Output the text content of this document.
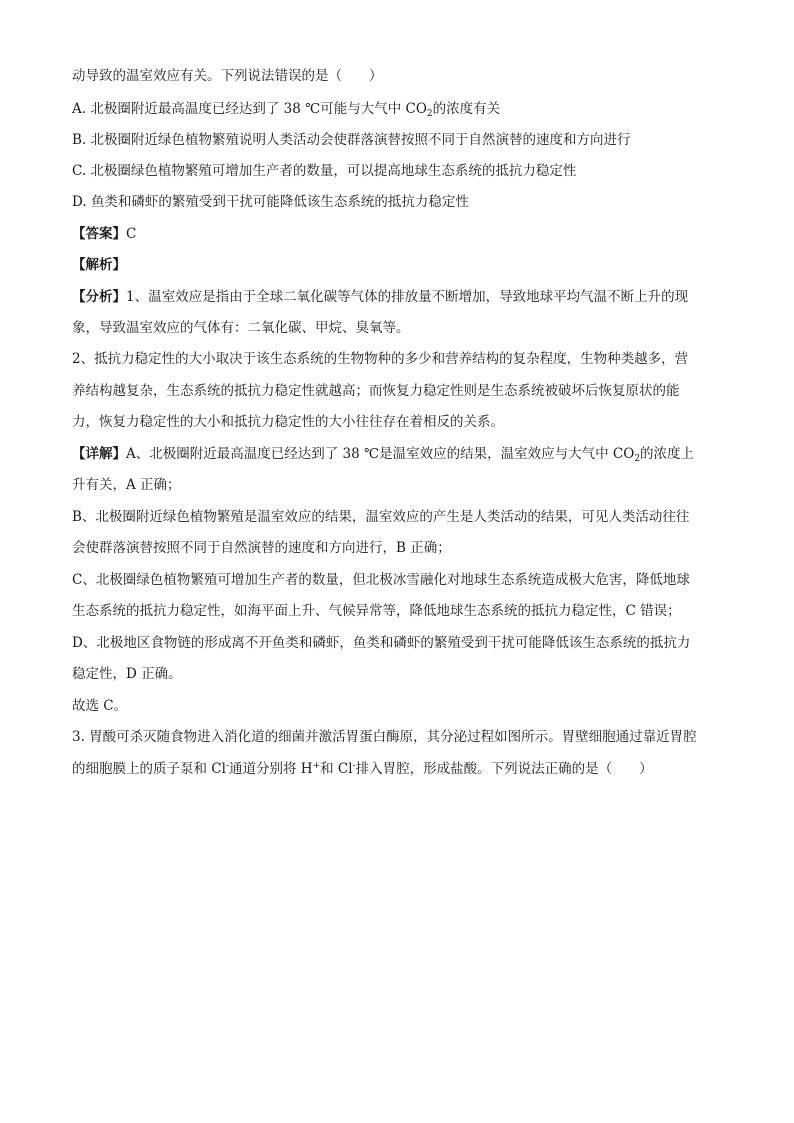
动导致的温室效应有关。下列说法错误的是（　　）
A. 北极圈附近最高温度已经达到了 38 ℃可能与大气中 $CO_2$的浓度有关
B. 北极圈附近绿色植物繁殖说明人类活动会使群落演替按照不同于自然演替的速度和方向进行
C. 北极圈绿色植物繁殖可增加生产者的数量，可以提高地球生态系统的抵抗力稳定性
D. 鱼类和磷虾的繁殖受到干扰可能降低该生态系统的抵抗力稳定性
【答案】C
【解析】
【分析】1、温室效应是指由于全球二氧化碳等气体的排放量不断增加，导致地球平均气温不断上升的现
象，导致温室效应的气体有：二氧化碳、甲烷、臭氧等。
2、抵抗力稳定性的大小取决于该生态系统的生物物种的多少和营养结构的复杂程度，生物种类越多，营
养结构越复杂，生态系统的抵抗力稳定性就越高；而恢复力稳定性则是生态系统被破坏后恢复原状的能
力，恢复力稳定性的大小和抵抗力稳定性的大小往往存在着相反的关系。
【详解】A、北极圈附近最高温度已经达到了 38 ℃是温室效应的结果，温室效应与大气中 $CO_2$的浓度上
升有关，A 正确；
B、北极圈附近绿色植物繁殖是温室效应的结果，温室效应的产生是人类活动的结果，可见人类活动往往
会使群落演替按照不同于自然演替的速度和方向进行，B 正确；
C、北极圈绿色植物繁殖可增加生产者的数量，但北极冰雪融化对地球生态系统造成极大危害，降低地球
生态系统的抵抗力稳定性，如海平面上升、气候异常等，降低地球生态系统的抵抗力稳定性，C 错误；
D、北极地区食物链的形成离不开鱼类和磷虾，鱼类和磷虾的繁殖受到干扰可能降低该生态系统的抵抗力
稳定性，D 正确。
故选 C。
3. 胃酸可杀灭随食物进入消化道的细菌并激活胃蛋白酶原，其分泌过程如图所示。胃壁细胞通过靠近胃腔
的细胞膜上的质子泵和 Cl-通道分别将 H+和 Cl-排入胃腔，形成盐酸。下列说法正确的是（　　）
